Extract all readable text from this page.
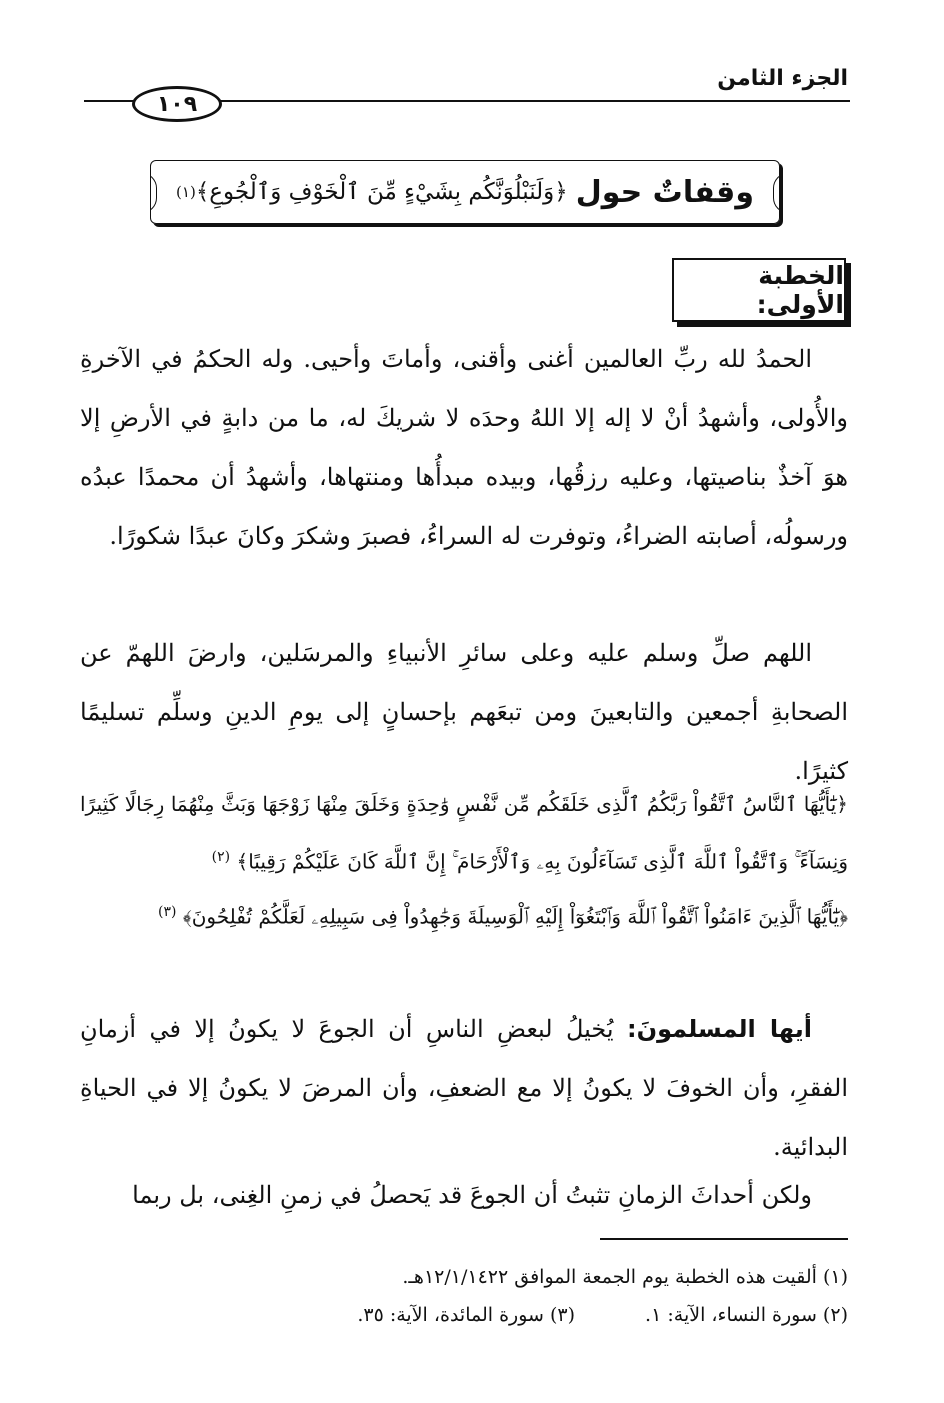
الجزء الثامن
١٠٩
وقفاتٌ حول
﴿وَلَنَبْلُوَنَّكُم بِشَيْءٍ مِّنَ ٱلْخَوْفِ وَٱلْجُوعِ﴾
(١)
الخطبة الأولى:

الحمدُ لله ربِّ العالمين أغنى وأقنى، وأماتَ وأحيى. وله الحكمُ في الآخرةِ والأُولى، وأشهدُ أنْ لا إله إلا اللهُ وحدَه لا شريكَ له، ما من دابةٍ في الأرضِ إلا هوَ آخذٌ بناصيتها، وعليه رزقُها، وبيده مبدأُها ومنتهاها، وأشهدُ أن محمدًا عبدُه ورسولُه، أصابته الضراءُ، وتوفرت له السراءُ، فصبرَ وشكرَ وكانَ عبدًا شكورًا.

اللهم صلِّ وسلم عليه وعلى سائرِ الأنبياءِ والمرسَلين، وارضَ اللهمّ عن الصحابةِ أجمعين والتابعينَ ومن تبعَهم بإحسانٍ إلى يومِ الدينِ وسلِّم تسليمًا كثيرًا.

﴿يَٰٓأَيُّهَا ٱلنَّاسُ ٱتَّقُواْ رَبَّكُمُ ٱلَّذِى خَلَقَكُم مِّن نَّفْسٍ وَٰحِدَةٍ وَخَلَقَ مِنْهَا زَوْجَهَا وَبَثَّ مِنْهُمَا رِجَالًا كَثِيرًا وَنِسَآءً ۚ وَٱتَّقُواْ ٱللَّهَ ٱلَّذِى تَسَآءَلُونَ بِهِۦ وَٱلْأَرْحَامَ ۚ إِنَّ ٱللَّهَ كَانَ عَلَيْكُمْ رَقِيبًا﴾ $^{(٢)}$
﴿يَٰٓأَيُّهَا ٱلَّذِينَ ءَامَنُواْ ٱتَّقُواْ ٱللَّهَ وَٱبْتَغُوٓاْ إِلَيْهِ ٱلْوَسِيلَةَ وَجَٰهِدُواْ فِى سَبِيلِهِۦ لَعَلَّكُمْ تُفْلِحُونَ﴾ $^{(٣)}$

أيها المسلمونَ: يُخيلُ لبعضِ الناسِ أن الجوعَ لا يكونُ إلا في أزمانِ الفقرِ، وأن الخوفَ لا يكونُ إلا مع الضعفِ، وأن المرضَ لا يكونُ إلا في الحياةِ البدائية.

ولكن أحداثَ الزمانِ تثبتُ أن الجوعَ قد يَحصلُ في زمنِ الغِنى، بل ربما

(١) ألقيت هذه الخطبة يوم الجمعة الموافق ١٢/١/١٤٢٢هـ.
(٢) سورة النساء، الآية: ١.
(٣) سورة المائدة، الآية: ٣٥.
